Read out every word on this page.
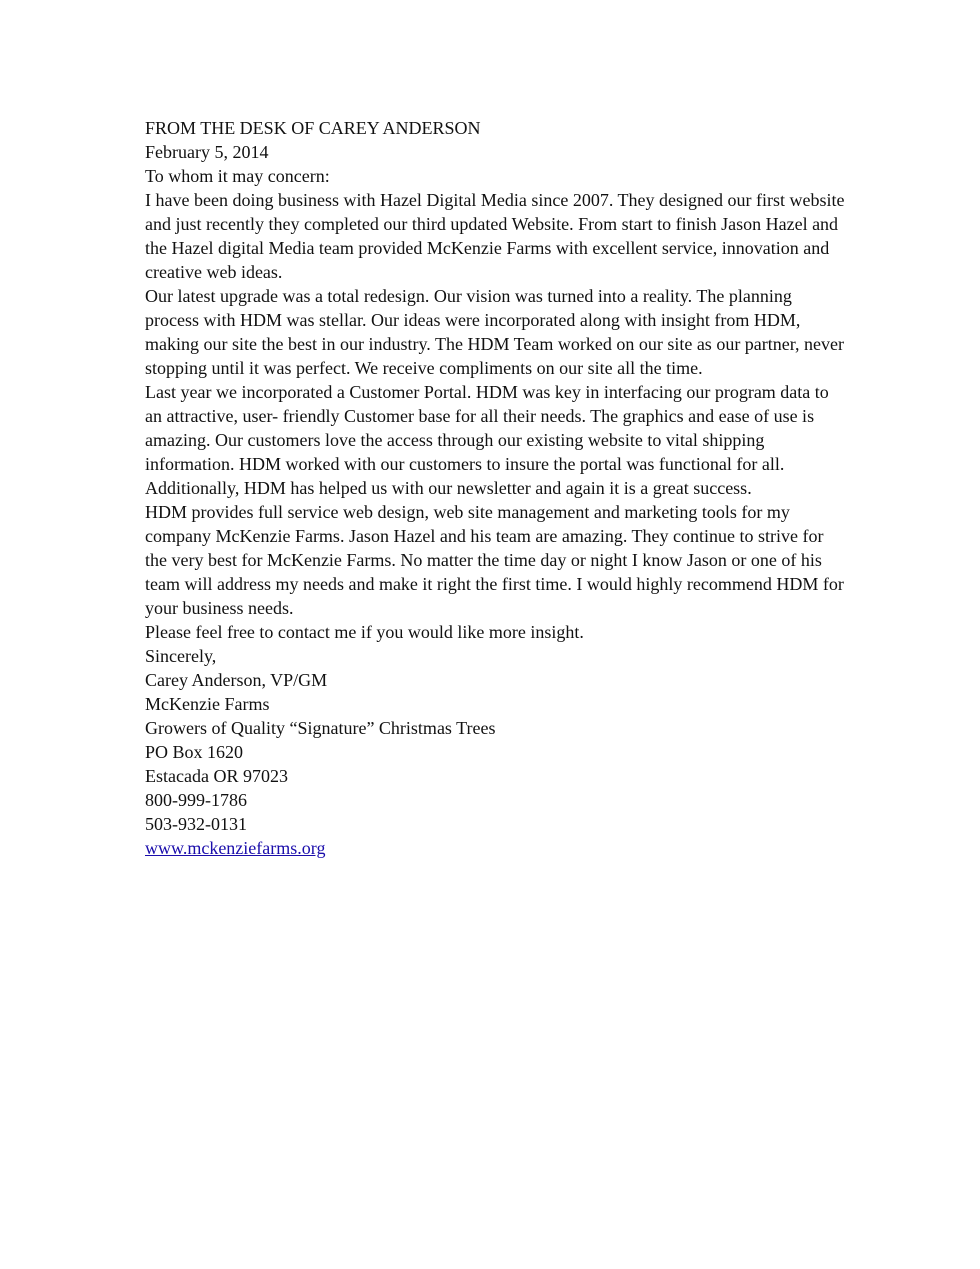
FROM THE DESK OF CAREY ANDERSON

February 5, 2014

To whom it may concern:

I have been doing business with Hazel Digital Media since 2007. They designed our first website and just recently they completed our third updated Website. From start to finish Jason Hazel and the Hazel digital Media team provided McKenzie Farms with excellent service, innovation and creative web ideas.

Our latest upgrade was a total redesign. Our vision was turned into a reality. The planning process with HDM was stellar. Our ideas were incorporated along with insight from HDM, making our site the best in our industry. The HDM Team worked on our site as our partner, never stopping until it was perfect. We receive compliments on our site all the time.

Last year we incorporated a Customer Portal. HDM was key in interfacing our program data to an attractive, user- friendly Customer base for all their needs. The graphics and ease of use is amazing. Our customers love the access through our existing website to vital shipping information. HDM worked with our customers to insure the portal was functional for all. Additionally, HDM has helped us with our newsletter and again it is a great success.

HDM provides full service web design, web site management and marketing tools for my company McKenzie Farms. Jason Hazel and his team are amazing. They continue to strive for the very best for McKenzie Farms. No matter the time day or night I know Jason or one of his team will address my needs and make it right the first time. I would highly recommend HDM for your business needs.

Please feel free to contact me if you would like more insight.

Sincerely,

Carey Anderson, VP/GM
McKenzie Farms
Growers of Quality “Signature” Christmas Trees
PO Box 1620
Estacada OR 97023
800-999-1786
503-932-0131
www.mckenziefarms.org
